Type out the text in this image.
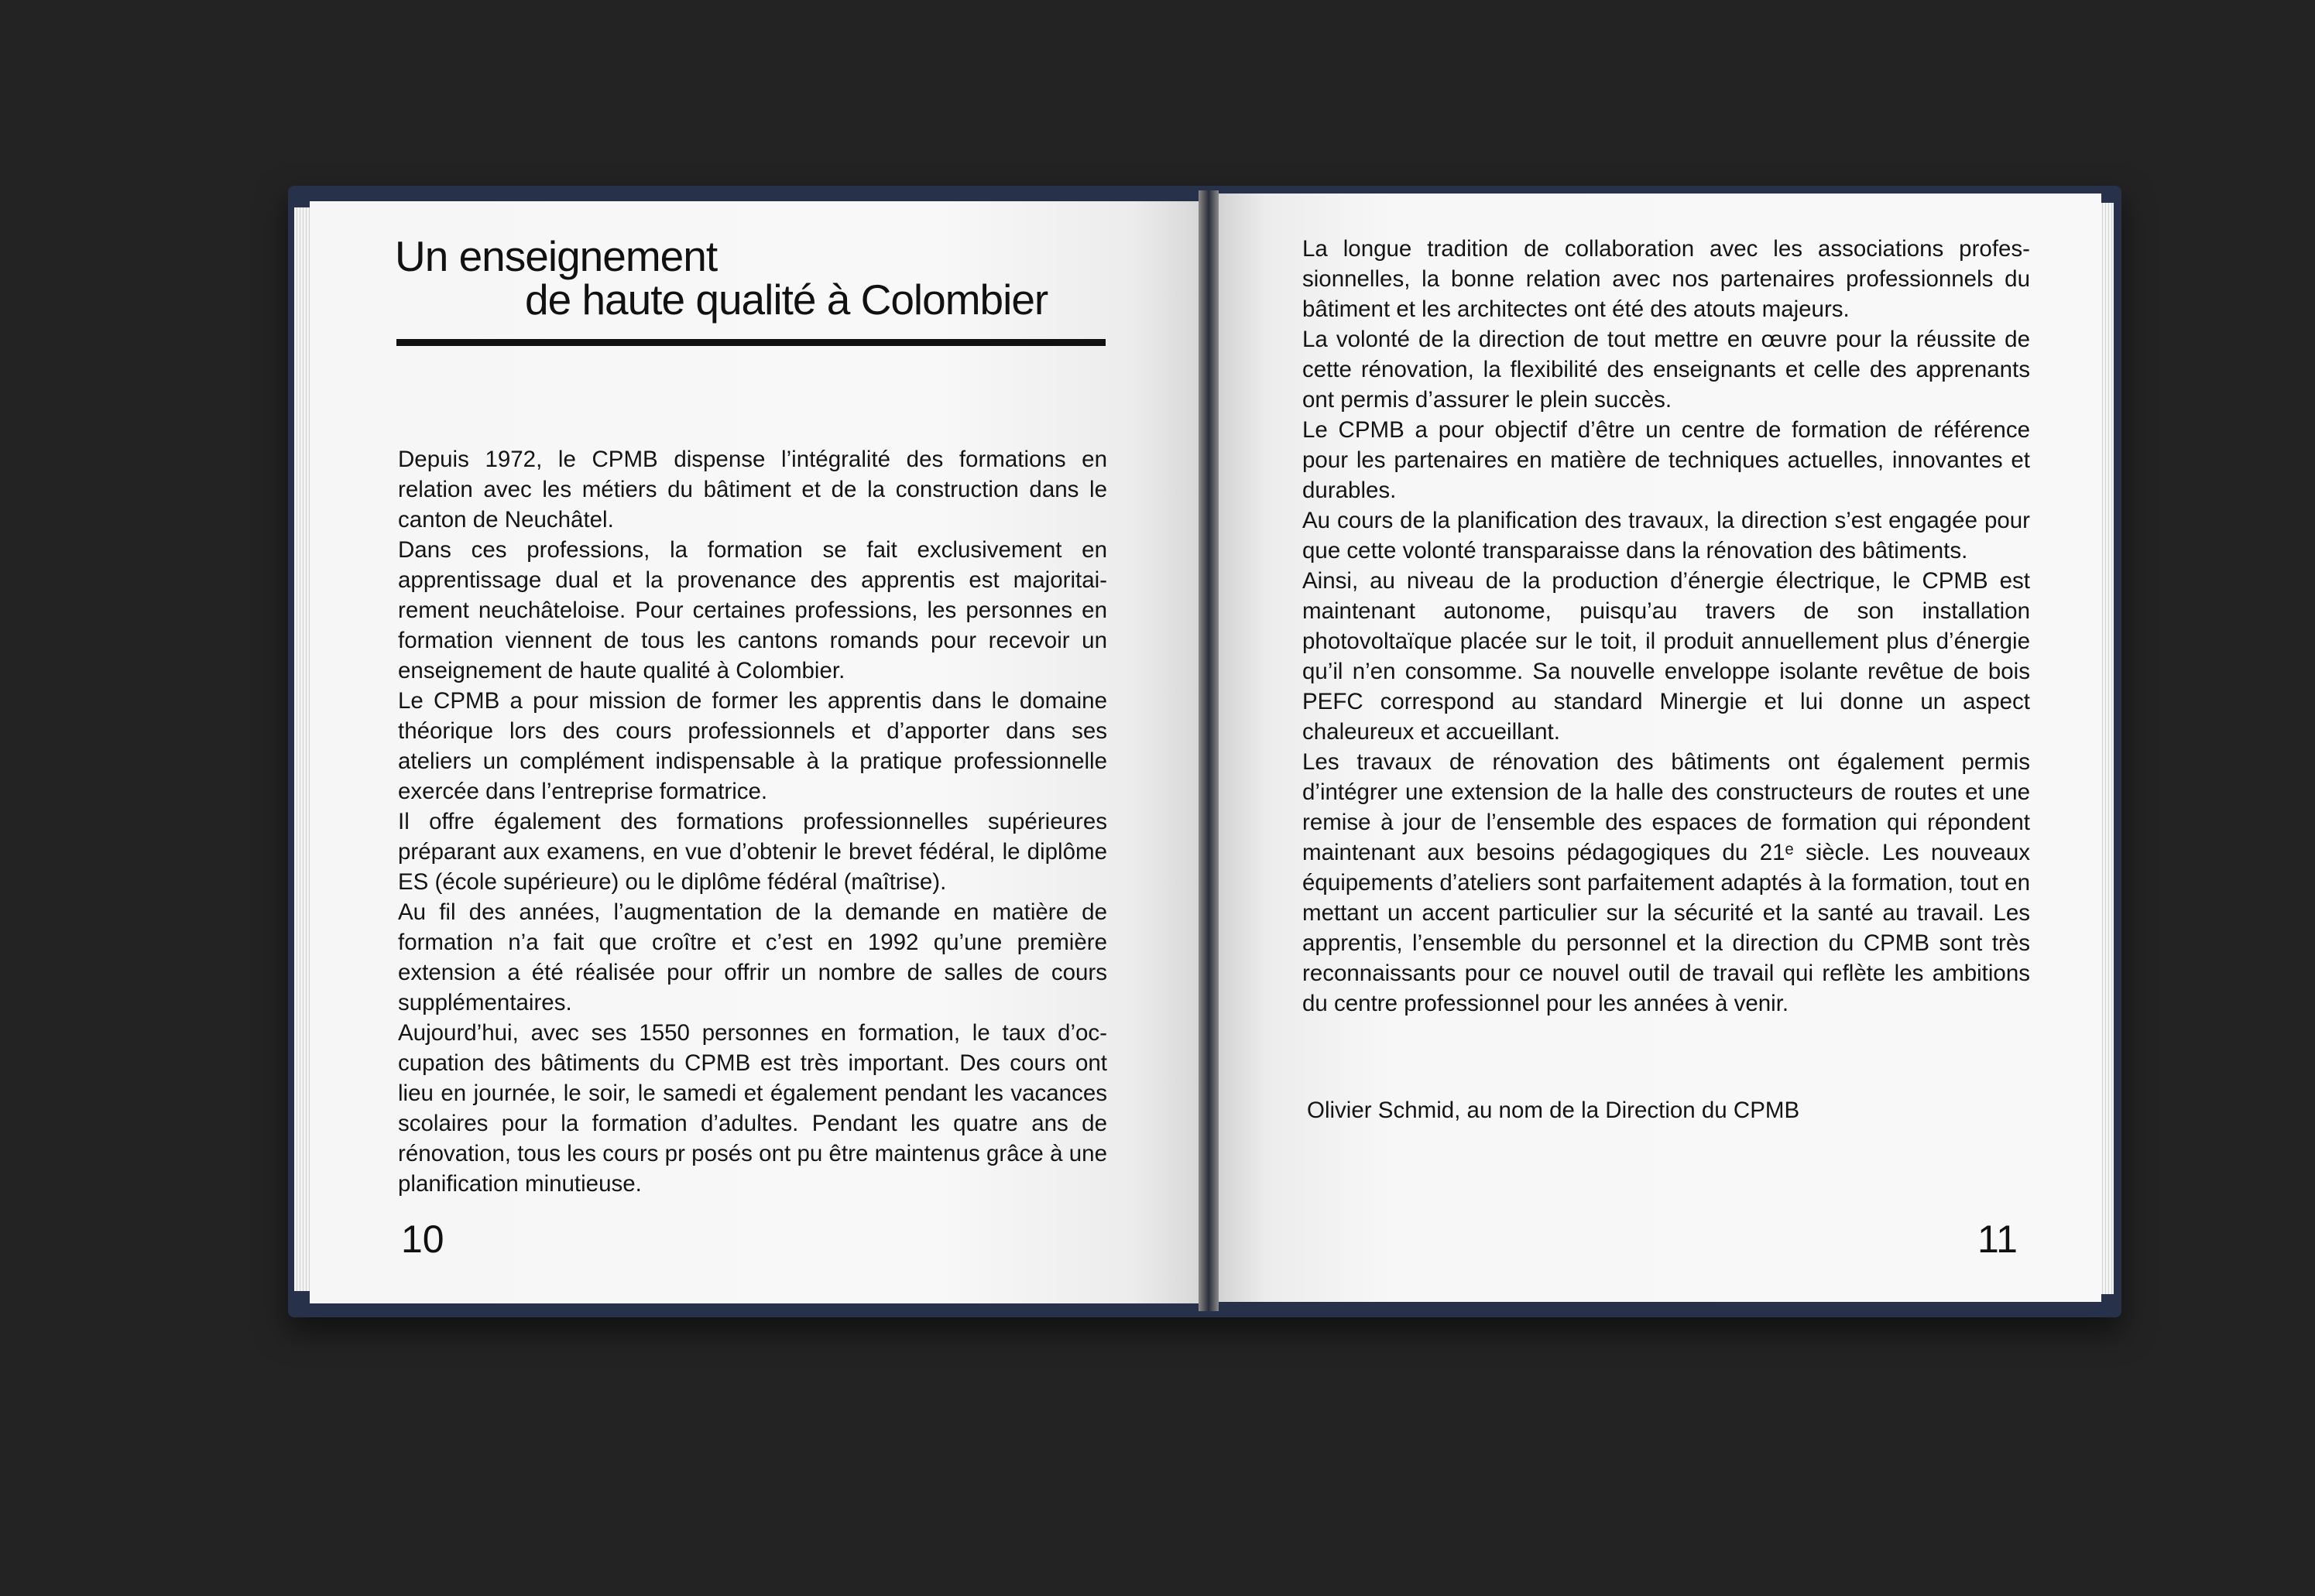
Un enseignement
de haute qualité à Colombier

Depuis 1972, le CPMB dispense l’intégralité des formations en relation avec les métiers du bâtiment et de la construction dans le canton de Neuchâtel.

Dans ces professions, la formation se fait exclusivement en apprentissage dual et la provenance des apprentis est majoritairement neuchâteloise. Pour certaines professions, les personnes en formation viennent de tous les cantons romands pour recevoir un enseignement de haute qualité à Colombier.

Le CPMB a pour mission de former les apprentis dans le domaine théorique lors des cours professionnels et d’apporter dans ses ateliers un complément indispensable à la pratique professionnelle exercée dans l’entreprise formatrice.

Il offre également des formations professionnelles supérieures préparant aux examens, en vue d’obtenir le brevet fédéral, le diplôme ES (école supérieure) ou le diplôme fédéral (maîtrise).

Au fil des années, l’augmentation de la demande en matière de formation n’a fait que croître et c’est en 1992 qu’une première extension a été réalisée pour offrir un nombre de salles de cours supplémentaires.

Aujourd’hui, avec ses 1550 personnes en formation, le taux d’occupation des bâtiments du CPMB est très important. Des cours ont lieu en journée, le soir, le samedi et également pendant les vacances scolaires pour la formation d’adultes. Pendant les quatre ans de rénovation, tous les cours pr posés ont pu être maintenus grâce à une planification minutieuse.

10

La longue tradition de collaboration avec les associations professionnelles, la bonne relation avec nos partenaires professionnels du bâtiment et les architectes ont été des atouts majeurs.

La volonté de la direction de tout mettre en œuvre pour la réussite de cette rénovation, la flexibilité des enseignants et celle des apprenants ont permis d’assurer le plein succès.

Le CPMB a pour objectif d’être un centre de formation de référence pour les partenaires en matière de techniques actuelles, innovantes et durables.

Au cours de la planification des travaux, la direction s’est engagée pour que cette volonté transparaisse dans la rénovation des bâtiments.

Ainsi, au niveau de la production d’énergie électrique, le CPMB est maintenant autonome, puisqu’au travers de son installation photovoltaïque placée sur le toit, il produit annuellement plus d’énergie qu’il n’en consomme. Sa nouvelle enveloppe isolante revêtue de bois PEFC correspond au standard Minergie et lui donne un aspect chaleureux et accueillant.

Les travaux de rénovation des bâtiments ont également permis d’intégrer une extension de la halle des constructeurs de routes et une remise à jour de l’ensemble des espaces de formation qui répondent maintenant aux besoins pédagogiques du 21ᵉ siècle. Les nouveaux équipements d’ateliers sont parfaitement adaptés à la formation, tout en mettant un accent particulier sur la sécurité et la santé au travail. Les apprentis, l’ensemble du personnel et la direction du CPMB sont très reconnaissants pour ce nouvel outil de travail qui reflète les ambitions du centre professionnel pour les années à venir.

Olivier Schmid, au nom de la Direction du CPMB
11
